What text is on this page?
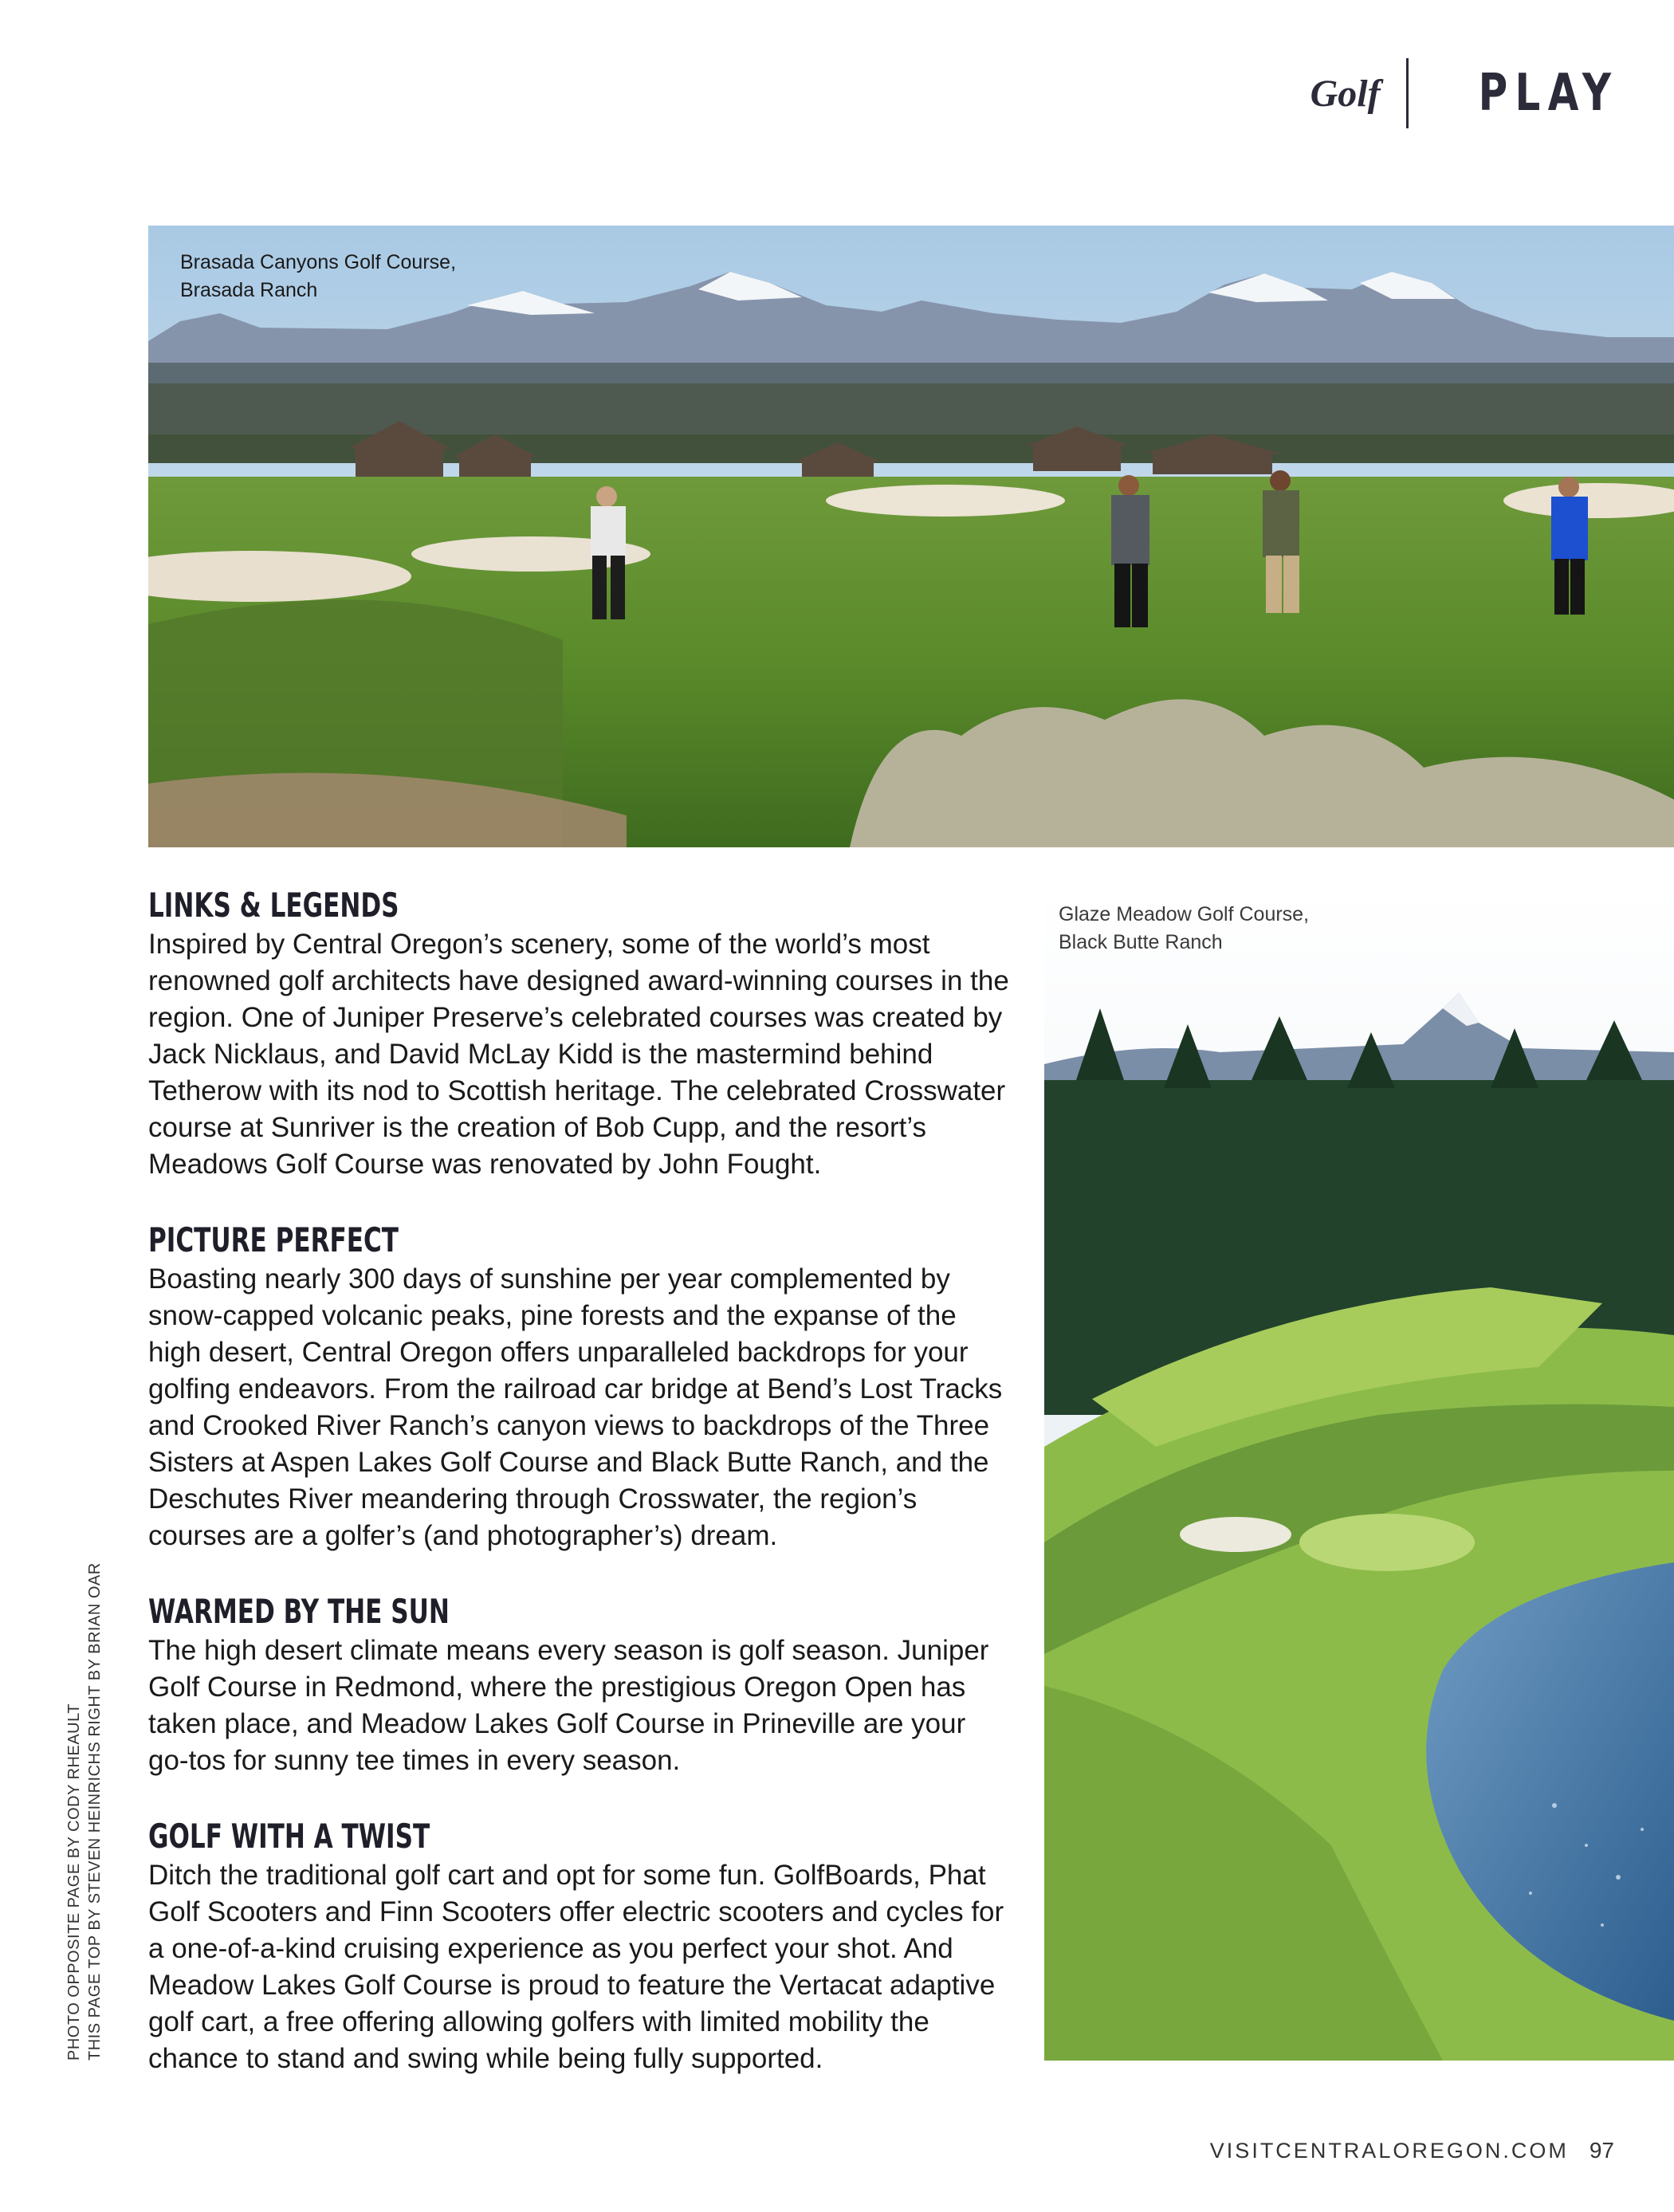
Golf PLAY
Brasada Canyons Golf Course,
Brasada Ranch
Glaze Meadow Golf Course,
Black Butte Ranch
LINKS & LEGENDS

Inspired by Central Oregon’s scenery, some of the world’s most renowned golf architects have designed award-winning courses in the region. One of Juniper Preserve’s celebrated courses was created by Jack Nicklaus, and David McLay Kidd is the mastermind behind Tetherow with its nod to Scottish heritage. The celebrated Crosswater course at Sunriver is the creation of Bob Cupp, and the resort’s Meadows Golf Course was renovated by John Fought.

PICTURE PERFECT

Boasting nearly 300 days of sunshine per year complemented by snow-capped volcanic peaks, pine forests and the expanse of the high desert, Central Oregon offers unparalleled backdrops for your golfing endeavors. From the railroad car bridge at Bend’s Lost Tracks and Crooked River Ranch’s canyon views to backdrops of the Three Sisters at Aspen Lakes Golf Course and Black Butte Ranch, and the Deschutes River meandering through Crosswater, the region’s courses are a golfer’s (and photographer’s) dream.

WARMED BY THE SUN

The high desert climate means every season is golf season. Juniper Golf Course in Redmond, where the prestigious Oregon Open has taken place, and Meadow Lakes Golf Course in Prineville are your go-tos for sunny tee times in every season.

GOLF WITH A TWIST

Ditch the traditional golf cart and opt for some fun. GolfBoards, Phat Golf Scooters and Finn Scooters offer electric scooters and cycles for a one-of-a-kind cruising experience as you perfect your shot. And Meadow Lakes Golf Course is proud to feature the Vertacat adaptive golf cart, a free offering allowing golfers with limited mobility the chance to stand and swing while being fully supported.

PHOTO OPPOSITE PAGE BY CODY RHEAULT THIS PAGE TOP BY STEVEN HEINRICHS RIGHT BY BRIAN OAR
VISITCENTRALOREGON.COM 97
